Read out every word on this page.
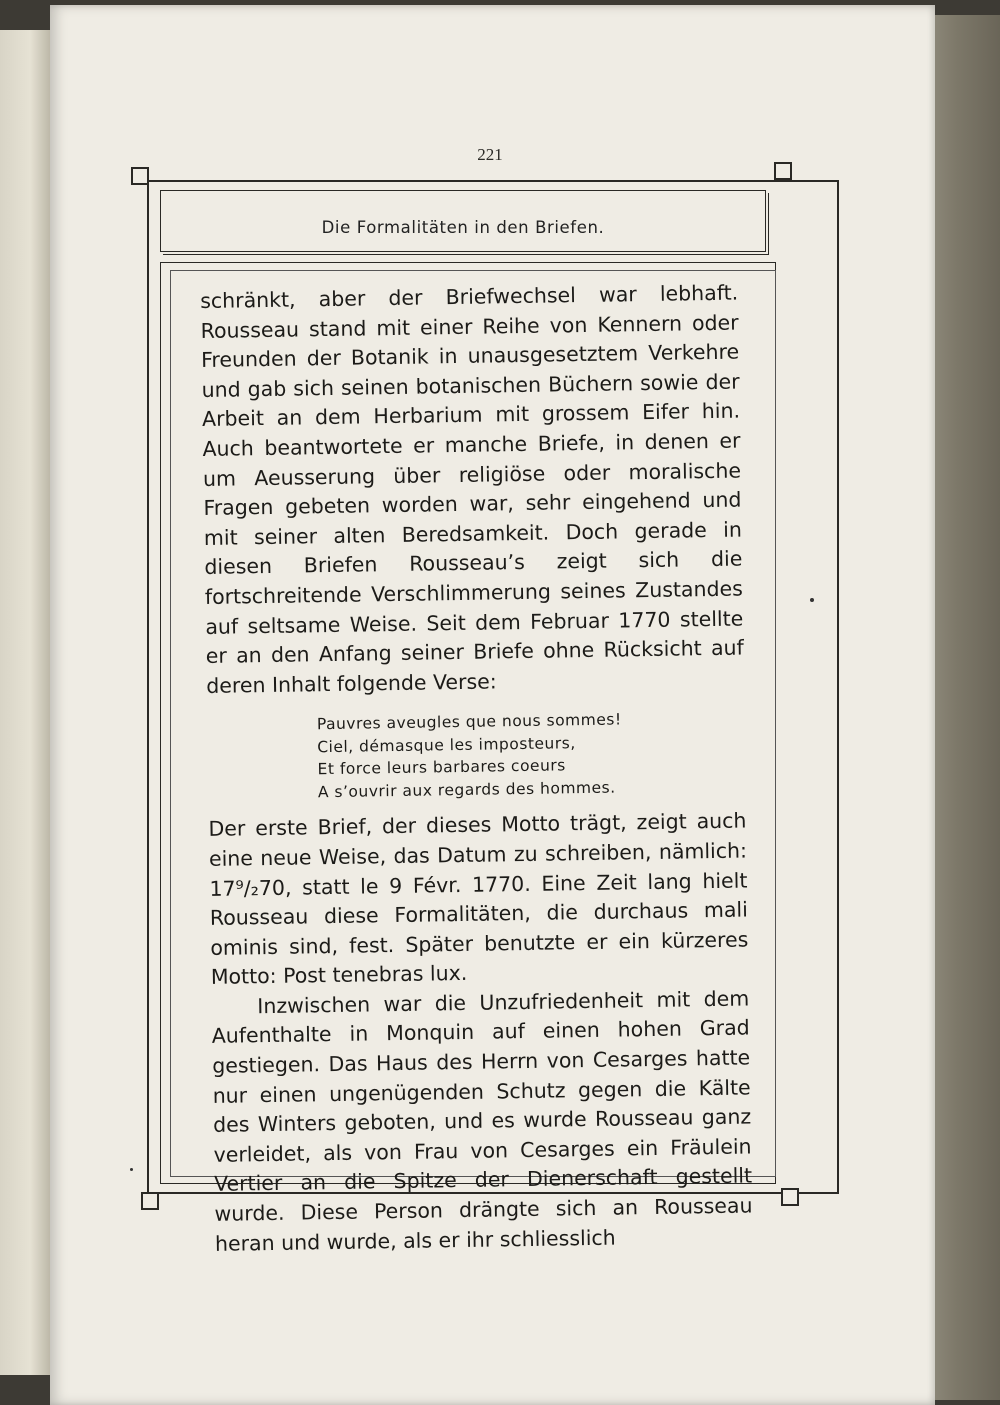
221
Die Formalitäten in den Briefen.

schränkt, aber der Briefwechsel war lebhaft. Rousseau stand mit einer Reihe von Kennern oder Freunden der Botanik in unausgesetztem Verkehre und gab sich seinen botanischen Büchern sowie der Arbeit an dem Herbarium mit grossem Eifer hin. Auch beantwortete er manche Briefe, in denen er um Aeusserung über religiöse oder moralische Fragen gebeten worden war, sehr eingehend und mit seiner alten Beredsamkeit. Doch gerade in diesen Briefen Rousseau’s zeigt sich die fortschreitende Verschlimmerung seines Zustandes auf seltsame Weise. Seit dem Februar 1770 stellte er an den Anfang seiner Briefe ohne Rücksicht auf deren Inhalt folgende Verse:

Pauvres aveugles que nous sommes!
Ciel, démasque les imposteurs,
Et force leurs barbares coeurs
A s’ouvrir aux regards des hommes.

Der erste Brief, der dieses Motto trägt, zeigt auch eine neue Weise, das Datum zu schreiben, nämlich: 17⁹/₂70, statt le 9 Févr. 1770. Eine Zeit lang hielt Rousseau diese Formalitäten, die durchaus mali ominis sind, fest. Später benutzte er ein kürzeres Motto: Post tenebras lux.

Inzwischen war die Unzufriedenheit mit dem Aufenthalte in Monquin auf einen hohen Grad gestiegen. Das Haus des Herrn von Cesarges hatte nur einen ungenügenden Schutz gegen die Kälte des Winters geboten, und es wurde Rousseau ganz verleidet, als von Frau von Cesarges ein Fräulein Vertier an die Spitze der Dienerschaft gestellt wurde. Diese Person drängte sich an Rousseau heran und wurde, als er ihr schliesslich
